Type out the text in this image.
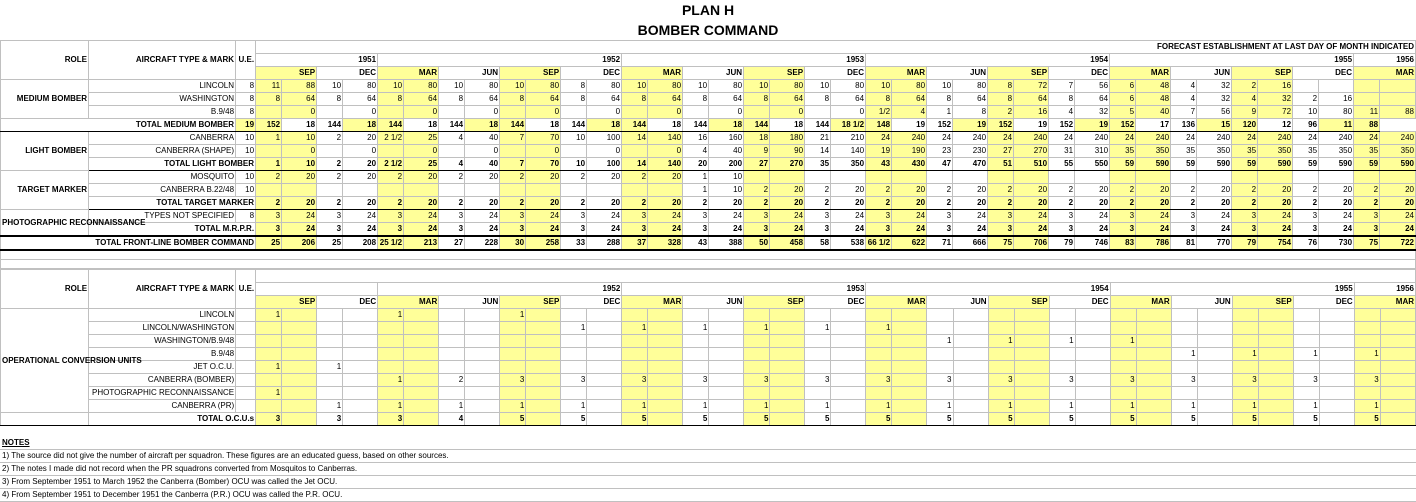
PLAN H
BOMBER COMMAND
ROLE	AIRCRAFT TYPE & MARK	U.E.	FORECAST ESTABLISHMENT AT LAST DAY OF MONTH INDICATED																																					
			1951				1952								1953								1954								1955								1956	
			SEP		DEC		MAR		JUN		SEP		DEC		MAR		JUN		SEP		DEC		MAR		JUN		SEP		DEC		MAR		JUN		SEP		DEC		MAR	
MEDIUM BOMBER	LINCOLN	8	11	88	10	80	10	80	10	80	10	80	8	80	10	80	10	80	10	80	10	80	10	80	10	80	8	72	7	56	6	48	4	32	2	16				
	WASHINGTON	8	8	64	8	64	8	64	8	64	8	64	8	64	8	64	8	64	8	64	8	64	8	64	8	64	8	64	8	64	6	48	4	32	4	32	2	16		
	B.9/48	8		0		0		0		0		0		0		0		0		0		0	1/2	4	1	8	2	16	4	32	5	40	7	56	9	72	10	80	11	88
TOTAL MEDIUM BOMBER		19	152	18	144	18	144	18	144	18	144	18	144	18	144	18	144	18	144	18	144	18 1/2	148	19	152	19	152	19	152	19	152	17	136	15	120	12	96	11	88	
LIGHT BOMBER	CANBERRA	10	1	10	2	20	2 1/2	25	4	40	7	70	10	100	14	140	16	160	18	180	21	210	24	240	24	240	24	240	24	240	24	240	24	240	24	240	24	240	24	240
	CANBERRA (SHAPE)	10		0		0		0		0		0		0		0	4	40	9	90	14	140	19	190	23	230	27	270	31	310	35	350	35	350	35	350	35	350	35	350
	TOTAL LIGHT BOMBER		1	10	2	20	2 1/2	25	4	40	7	70	10	100	14	140	20	200	27	270	35	350	43	430	47	470	51	510	55	550	59	590	59	590	59	590	59	590	59	590
TARGET MARKER	MOSQUITO	10	2	20	2	20	2	20	2	20	2	20	2	20	2	20	1	10																						
	CANBERRA B.22/48	10															1	10	2	20	2	20	2	20	2	20	2	20	2	20	2	20	2	20	2	20	2	20	2	20
	TOTAL TARGET MARKER		2	20	2	20	2	20	2	20	2	20	2	20	2	20	2	20	2	20	2	20	2	20	2	20	2	20	2	20	2	20	2	20	2	20	2	20	2	20
PHOTOGRAPHIC RECONNAISSANCE	TYPES NOT SPECIFIED	8	3	24	3	24	3	24	3	24	3	24	3	24	3	24	3	24	3	24	3	24	3	24	3	24	3	24	3	24	3	24	3	24	3	24	3	24	3	24
	TOTAL M.R.P.R.		3	24	3	24	3	24	3	24	3	24	3	24	3	24	3	24	3	24	3	24	3	24	3	24	3	24	3	24	3	24	3	24	3	24	3	24	3	24
TOTAL FRONT-LINE BOMBER COMMAND			25	206	25	208	25 1/2	213	27	228	30	258	33	288	37	328	43	388	50	458	58	538	66 1/2	622	71	666	75	706	79	746	83	786	81	770	79	754	76	730	75	722

ROLE	AIRCRAFT TYPE & MARK	U.E.																																						
							1952								1953								1954								1955								1956	
			SEP		DEC		MAR		JUN		SEP		DEC		MAR		JUN		SEP		DEC		MAR		JUN		SEP		DEC		MAR		JUN		SEP		DEC		MAR	
OPERATIONAL CONVERSION UNITS	LINCOLN		1				1				1																													
	LINCOLN/WASHINGTON												1		1		1		1		1		1																	
	WASHINGTON/B.9/48																								1		1		1		1									
	B.9/48																																1		1		1		1	
	JET O.C.U.		1		1																																			
	CANBERRA (BOMBER)						1		2		3		3		3		3		3		3		3		3		3		3		3		3		3		3		3	
	PHOTOGRAPHIC RECONNAISSANCE		1																																					
	CANBERRA (PR)				1		1		1		1		1		1		1		1		1		1		1		1		1		1		1		1		1		1	
	TOTAL O.C.U.s		3		3		3		4		5		5		5		5		5		5		5		5		5		5		5		5		5		5		5	
NOTES
1) The source did not give the number of aircraft per squadron. These figures are an educated guess, based on other sources.
2) The notes I made did not record when the PR squadrons converted from Mosquitos to Canberras.
3) From September 1951 to March 1952 the Canberra (Bomber) OCU was called the Jet OCU.
4) From September 1951 to December 1951 the Canberra (P.R.) OCU was called the P.R. OCU.
